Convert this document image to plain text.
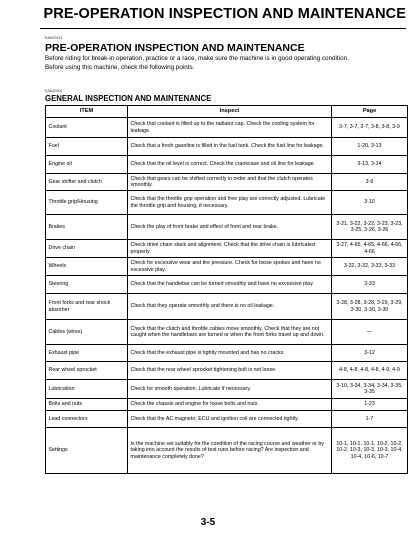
PRE-OPERATION INSPECTION AND MAINTENANCE
EAM20134
PRE-OPERATION INSPECTION AND MAINTENANCE

Before riding for break-in operation, practice or a race, make sure the machine is in good operating condition.

Before using this machine, check the following points.

EAM20200
GENERAL INSPECTION AND MAINTENANCE
ITEM	Inspect	Page
Coolant	Check that coolant is filled up to the radiator cap. Check the cooling system for leakage.	3-7, 3-7, 3-7, 3-8, 3-8, 3-9
Fuel	Check that a fresh gasoline is filled in the fuel tank. Check the fuel line for leakage.	1-20, 3-13
Engine oil	Check that the oil level is correct. Check the crankcase and oil line for leakage.	3-13, 3-14
Gear shifter and clutch	Check that gears can be shifted correctly in order and that the clutch operates smoothly.	3-9
Throttle grip/Housing	Check that the throttle grip operation and free play are correctly adjusted. Lubricate the throttle grip and housing, if necessary.	3-10
Brakes	Check the play of front brake and effect of front and rear brake.	3-21, 3-22, 3-22, 3-23, 3-23, 3-25, 3-26, 3-26
Drive chain	Check drive chain slack and alignment. Check that the drive chain is lubricated properly.	3-27, 4-65, 4-65, 4-66, 4-66, 4-66
Wheels	Check for excessive wear and tire pressure. Check for loose spokes and have no excessive play.	3-32, 3-32, 3-33, 3-33
Steering	Check that the handlebar can be turned smoothly and have no excessive play.	3-33
Front forks and rear shock absorber	Check that they operate smoothly and there is no oil leakage.	3-28, 3-28, 3-28, 3-29, 3-29, 3-30, 3-30, 3-30
Cables (wires)	Check that the clutch and throttle cables move smoothly. Check that they are not caught when the handlebars are turned or when the front forks travel up and down.	—
Exhaust pipe	Check that the exhaust pipe is tightly mounted and has no cracks.	3-12
Rear wheel sprocket	Check that the rear wheel sprocket tightening bolt is not loose.	4-8, 4-8, 4-8, 4-8, 4-9, 4-9
Lubrication	Check for smooth operation. Lubricate if necessary.	3-10, 3-34, 3-34, 3-34, 3-35, 3-35
Bolts and nuts	Check the chassis and engine for loose bolts and nuts.	1-23
Lead connectors	Check that the AC magneto, ECU and ignition coil are connected tightly.	1-7
Settings	Is the machine set suitably for the condition of the racing course and weather or by taking into account the results of test runs before racing? Are inspection and maintenance completely done?	10-1, 10-1, 10-1, 10-2, 10-2, 10-2, 10-3, 10-3, 10-3, 10-4, 10-4, 10-6, 10-7
3-5
